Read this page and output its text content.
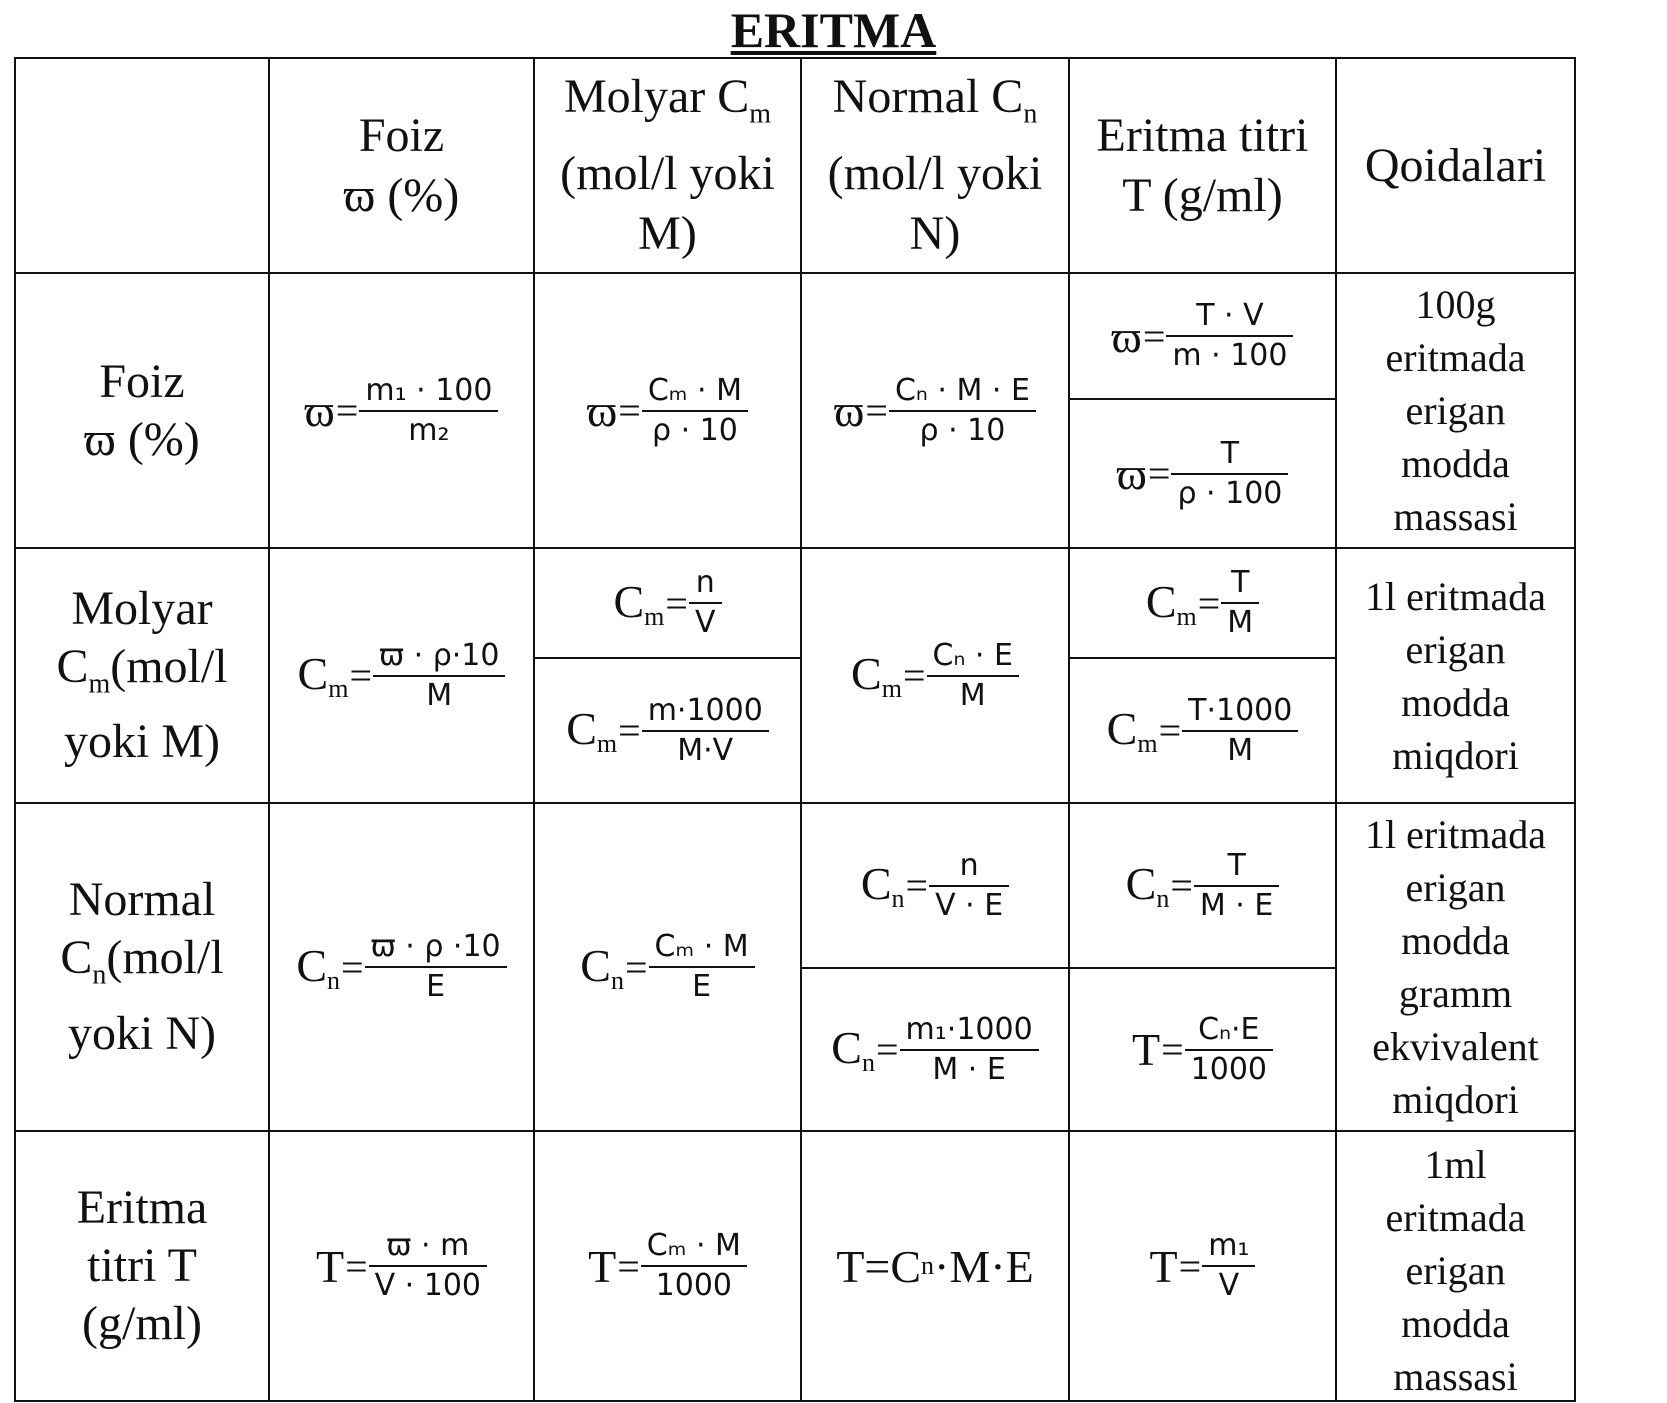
ERITMA
Foiz
ϖ (%)
Molyar $C_m$
(mol/l yoki
M)
Normal $C_n$
(mol/l yoki
N)
Eritma titri
T (g/ml)
Qoidalari
Foiz
ϖ (%)
$ϖ = \frac{\text{m₁ · 100}}{\text{m₂}}$ $ϖ = \frac{\text{Cₘ · M}}{\rho \cdot 10}$ $ϖ = \frac{\text{Cₙ · M · E}}{\rho \cdot 10}$
$ϖ = \frac{T \cdot V}{m \cdot 100}$
$ϖ = \frac{T}{\rho \cdot 100}$
100g
eritmada
erigan
modda
massasi
Molyar
$C_m(mol/l$
yoki M)
$C_m = \frac{ϖ \cdot \rho\cdot 10}{M}$
$C_m = \frac{n}{V}$
$C_m = \frac{m\cdot 1000}{M\cdot V}$
$C_m = \frac{\text{Cₙ · E}}{M}$
$C_m = \frac{T}{M}$
$C_m = \frac{T\cdot 1000}{M}$
1l eritmada
erigan
modda
miqdori
Normal
$C_n(mol/l$
yoki N)
$C_n = \frac{ϖ \cdot \rho \cdot 10}{E} C_n = \frac{\text{Cₘ · M}}{E}$
$C_n = \frac{n}{V \cdot E}$
$C_n = \frac{\text{m₁·1000}}{M \cdot E}$
$C_n = \frac{T}{M \cdot E}$
$T = \frac{\text{Cₙ·E}}{1000}$
1l eritmada
erigan
modda
gramm
ekvivalent
miqdori
Eritma
titri T
(g/ml)
$T = \frac{ϖ \cdot m}{V \cdot 100}$ $T = \frac{\text{Cₘ · M}}{1000} T=C$ n ·M·E	$T = \frac{\text{m₁}}{V}$
1ml
eritmada
erigan
modda
massasi
